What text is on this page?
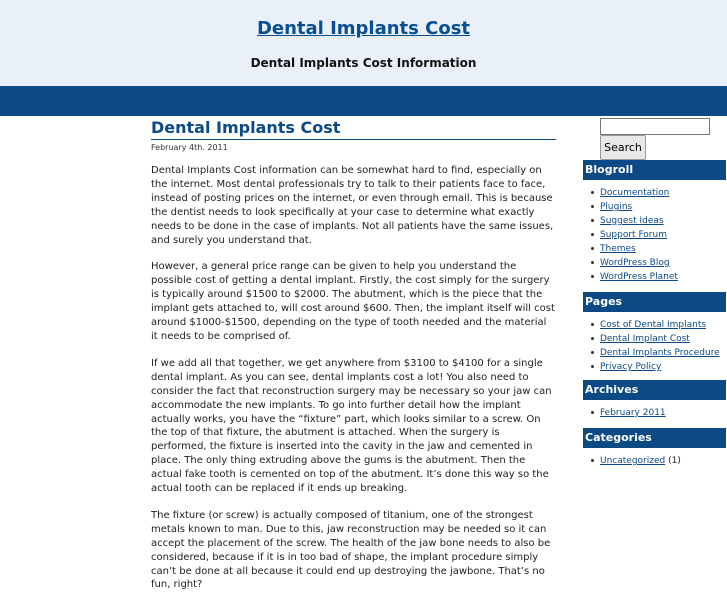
Dental Implants Cost
Dental Implants Cost Information
Dental Implants Cost
February 4th. 2011

Dental Implants Cost information can be somewhat hard to find, especially on the internet. Most dental professionals try to talk to their patients face to face, instead of posting prices on the internet, or even through email. This is because the dentist needs to look specifically at your case to determine what exactly needs to be done in the case of implants. Not all patients have the same issues, and surely you understand that.

However, a general price range can be given to help you understand the possible cost of getting a dental implant. Firstly, the cost simply for the surgery is typically around $1500 to $2000. The abutment, which is the piece that the implant gets attached to, will cost around $600. Then, the implant itself will cost around $1000-$1500, depending on the type of tooth needed and the material it needs to be comprised of.

If we add all that together, we get anywhere from $3100 to $4100 for a single dental implant. As you can see, dental implants cost a lot! You also need to consider the fact that reconstruction surgery may be necessary so your jaw can accommodate the new implants. To go into further detail how the implant actually works, you have the “fixture” part, which looks similar to a screw. On the top of that fixture, the abutment is attached. When the surgery is performed, the fixture is inserted into the cavity in the jaw and cemented in place. The only thing extruding above the gums is the abutment. Then the actual fake tooth is cemented on top of the abutment. It’s done this way so the actual tooth can be replaced if it ends up breaking.

The fixture (or screw) is actually composed of titanium, one of the strongest metals known to man. Due to this, jaw reconstruction may be needed so it can accept the placement of the screw. The health of the jaw bone needs to also be considered, because if it is in too bad of shape, the implant procedure simply can’t be done at all because it could end up destroying the jawbone. That’s no fun, right?

Search
Blogroll
Documentation
Plugins
Suggest Ideas
Support Forum
Themes
WordPress Blog
WordPress Planet
Pages
Cost of Dental Implants
Dental Implant Cost
Dental Implants Procedure
Privacy Policy
Archives
February 2011
Categories
Uncategorized (1)
